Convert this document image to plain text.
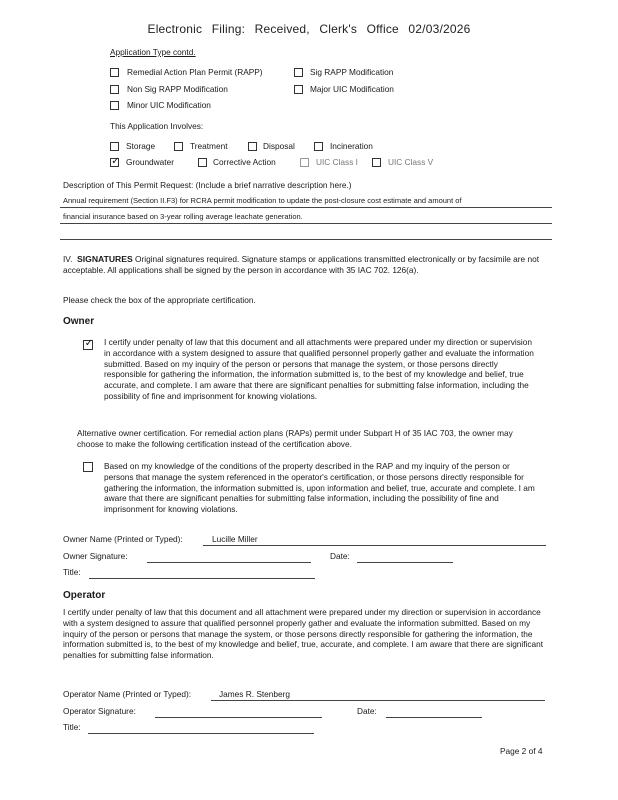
Electronic Filing: Received, Clerk's Office 02/03/2026
Application Type contd.
Remedial Action Plan Permit (RAPP)	Sig RAPP Modification
Non Sig RAPP Modification	Major UIC Modification
Minor UIC Modification
This Application Involves:
Storage	Treatment	Disposal	Incineration
✓ Groundwater	Corrective Action	UIC Class I	UIC Class V
Description of This Permit Request: (Include a brief narrative description here.)
Annual requirement (Section II.F3) for RCRA permit modification to update the post-closure cost estimate and amount of
financial insurance based on 3-year rolling average leachate generation.
IV. SIGNATURES Original signatures required. Signature stamps or applications transmitted electronically or by facsimile are not acceptable. All applications shall be signed by the person in accordance with 35 IAC 702. 126(a).
Please check the box of the appropriate certification.
Owner
✓ I certify under penalty of law that this document and all attachments were prepared under my direction or supervision in accordance with a system designed to assure that qualified personnel properly gather and evaluate the information submitted. Based on my inquiry of the person or persons that manage the system, or those persons directly responsible for gathering the information, the information submitted is, to the best of my knowledge and belief, true accurate, and complete. I am aware that there are significant penalties for submitting false information, including the possibility of fine and imprisonment for knowing violations.
Alternative owner certification. For remedial action plans (RAPs) permit under Subpart H of 35 IAC 703, the owner may choose to make the following certification instead of the certification above.
Based on my knowledge of the conditions of the property described in the RAP and my inquiry of the person or persons that manage the system referenced in the operator's certification, or those persons directly responsible for gathering the information, the information submitted is, upon information and belief, true, accurate and complete. I am aware that there are significant penalties for submitting false information, including the possibility of fine and imprisonment for knowing violations.
Owner Name (Printed or Typed):	Lucille Miller
Owner Signature:	Date:
Title:
Operator
I certify under penalty of law that this document and all attachment were prepared under my direction or supervision in accordance with a system designed to assure that qualified personnel properly gather and evaluate the information submitted. Based on my inquiry of the person or persons that manage the system, or those persons directly responsible for gathering the information, the information submitted is, to the best of my knowledge and belief, true, accurate, and complete. I am aware that there are significant penalties for submitting false information.
Operator Name (Printed or Typed):	James R. Stenberg
Operator Signature:	Date:
Title:
Page 2 of 4
